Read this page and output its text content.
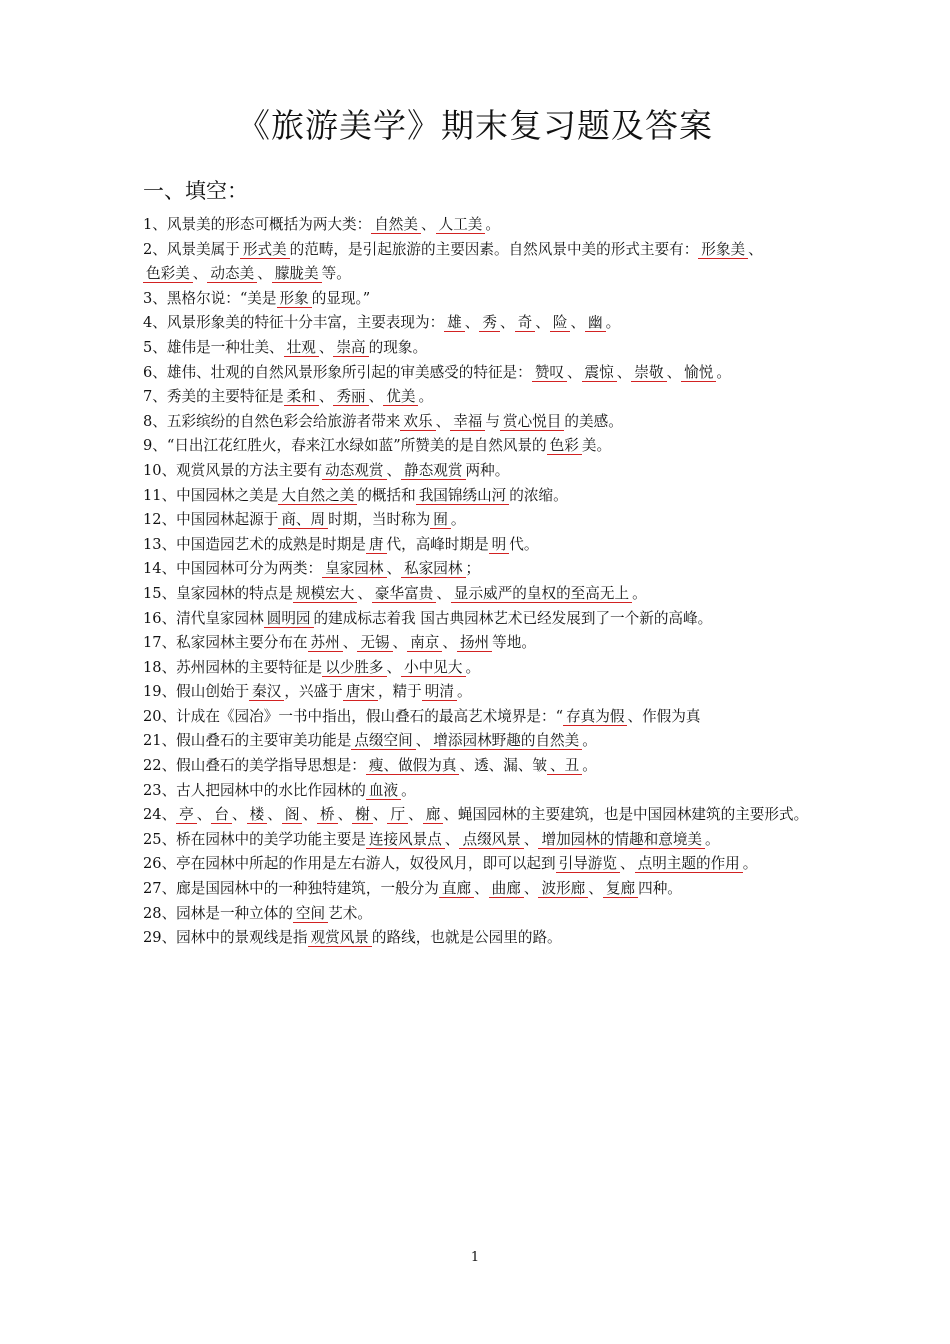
《旅游美学》期末复习题及答案
一、填空：

1、风景美的形态可概括为两大类： 自然美 、 人工美 。

2、风景美属于 形式美 的范畴，是引起旅游的主要因素。自然风景中美的形式主要有： 形象美 、色彩美 、 动态美 、 朦胧美 等。

3、黑格尔说：“美是 形象 的显现。”

4、风景形象美的特征十分丰富，主要表现为： 雄 、 秀 、 奇 、 险 、 幽 。

5、雄伟是一种壮美、 壮观 、 崇高 的现象。

6、雄伟、壮观的自然风景形象所引起的审美感受的特征是： 赞叹 、 震惊 、 崇敬 、 愉悦 。

7、秀美的主要特征是 柔和 、 秀丽 、 优美 。

8、五彩缤纷的自然色彩会给旅游者带来 欢乐 、 幸福 与 赏心悦目 的美感。

9、“日出江花红胜火，春来江水绿如蓝”所赞美的是自然风景的 色彩 美。

10、观赏风景的方法主要有 动态观赏 、 静态观赏 两种。

11、中国园林之美是 大自然之美 的概括和 我国锦绣山河 的浓缩。

12、中国园林起源于 商、周 时期，当时称为 囿 。

13、中国造园艺术的成熟是时期是 唐 代，高峰时期是 明 代。

14、中国园林可分为两类： 皇家园林 、 私家园林 ；

15、皇家园林的特点是 规模宏大 、 豪华富贵 、 显示威严的皇权的至高无上 。

16、清代皇家园林 圆明园 的建成标志着我 国古典园林艺术已经发展到了一个新的高峰。

17、私家园林主要分布在 苏州 、 无锡 、 南京 、 扬州 等地。

18、苏州园林的主要特征是 以少胜多 、 小中见大 。

19、假山创始于 秦汉 ，兴盛于 唐宋 ，精于 明清 。

20、计成在《园冶》一书中指出，假山叠石的最高艺术境界是：“ 存真为假 、作假为真

21、假山叠石的主要审美功能是 点缀空间 、 增添园林野趣的自然美 。

22、假山叠石的美学指导思想是： 瘦、做假为真 、透、漏、皱 、丑 。

23、古人把园林中的水比作园林的 血液 。

24、 亭 、 台 、 楼 、 阁 、 桥 、 榭 、 厅 、 廊 、蝇国园林的主要建筑，也是中国园林建筑的主要形式。

25、桥在园林中的美学功能主要是 连接风景点 、 点缀风景 、 增加园林的情趣和意境美 。

26、亭在园林中所起的作用是左右游人，奴役风月，即可以起到 引导游览 、 点明主题的作用 。

27、廊是国园林中的一种独特建筑，一般分为 直廊 、 曲廊 、 波形廊 、 复廊 四种。

28、园林是一种立体的 空间 艺术。

29、园林中的景观线是指 观赏风景 的路线，也就是公园里的路。

1
